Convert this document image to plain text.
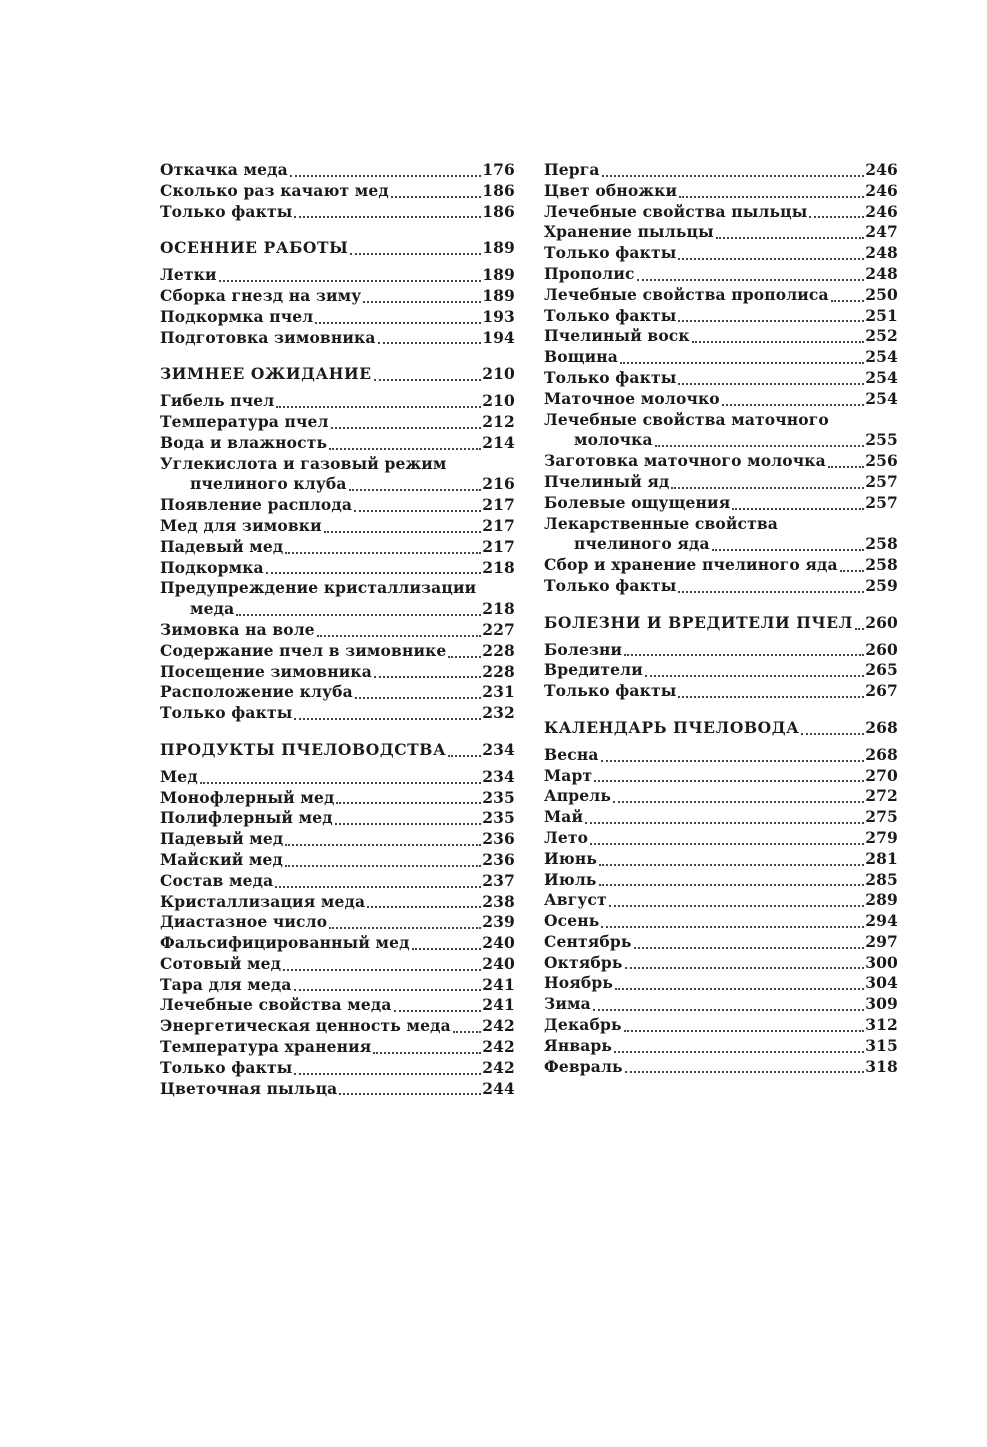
Откачка меда	176
Сколько раз качают мед	186
Только факты	186
ОСЕННИЕ РАБОТЫ	189
Летки	189
Сборка гнезд на зиму	189
Подкормка пчел	193
Подготовка зимовника	194
ЗИМНЕЕ ОЖИДАНИЕ	210
Гибель пчел	210
Температура пчел	212
Вода и влажность	214
Углекислота и газовый режим
пчелиного клуба	216
Появление расплода	217
Мед для зимовки	217
Падевый мед	217
Подкормка	218
Предупреждение кристаллизации
меда	218
Зимовка на воле	227
Содержание пчел в зимовнике 228
Посещение зимовника	228
Расположение клуба	231
Только факты	232
ПРОДУКТЫ ПЧЕЛОВОДСТВА 234
Мед	234
Монофлерный мед	235
Полифлерный мед	235
Падевый мед	236
Майский мед	236
Состав меда	237
Кристаллизация меда	238
Диастазное число	239
Фальсифицированный мед	240
Сотовый мед	240
Тара для меда	241
Лечебные свойства меда	241
Энергетическая ценность меда 242
Температура хранения	242
Только факты	242
Цветочная пыльца	244
Перга	246
Цвет обножки	246
Лечебные свойства пыльцы	246
Хранение пыльцы	247
Только факты	248
Прополис	248
Лечебные свойства прополиса 250
Только факты	251
Пчелиный воск	252
Вощина	254
Только факты	254
Маточное молочко	254
Лечебные свойства маточного
молочка	255
Заготовка маточного молочка	256
Пчелиный яд	257
Болевые ощущения	257
Лекарственные свойства
пчелиного яда	258
Сбор и хранение пчелиного яда 258
Только факты	259
БОЛЕЗНИ И ВРЕДИТЕЛИ ПЧЕЛ 260
Болезни	260
Вредители	265
Только факты	267
КАЛЕНДАРЬ ПЧЕЛОВОДА	268
Весна	268
Март	270
Апрель	272
Май	275
Лето	279
Июнь	281
Июль	285
Август	289
Осень	294
Сентябрь	297
Октябрь	300
Ноябрь	304
Зима	309
Декабрь	312
Январь	315
Февраль	318
